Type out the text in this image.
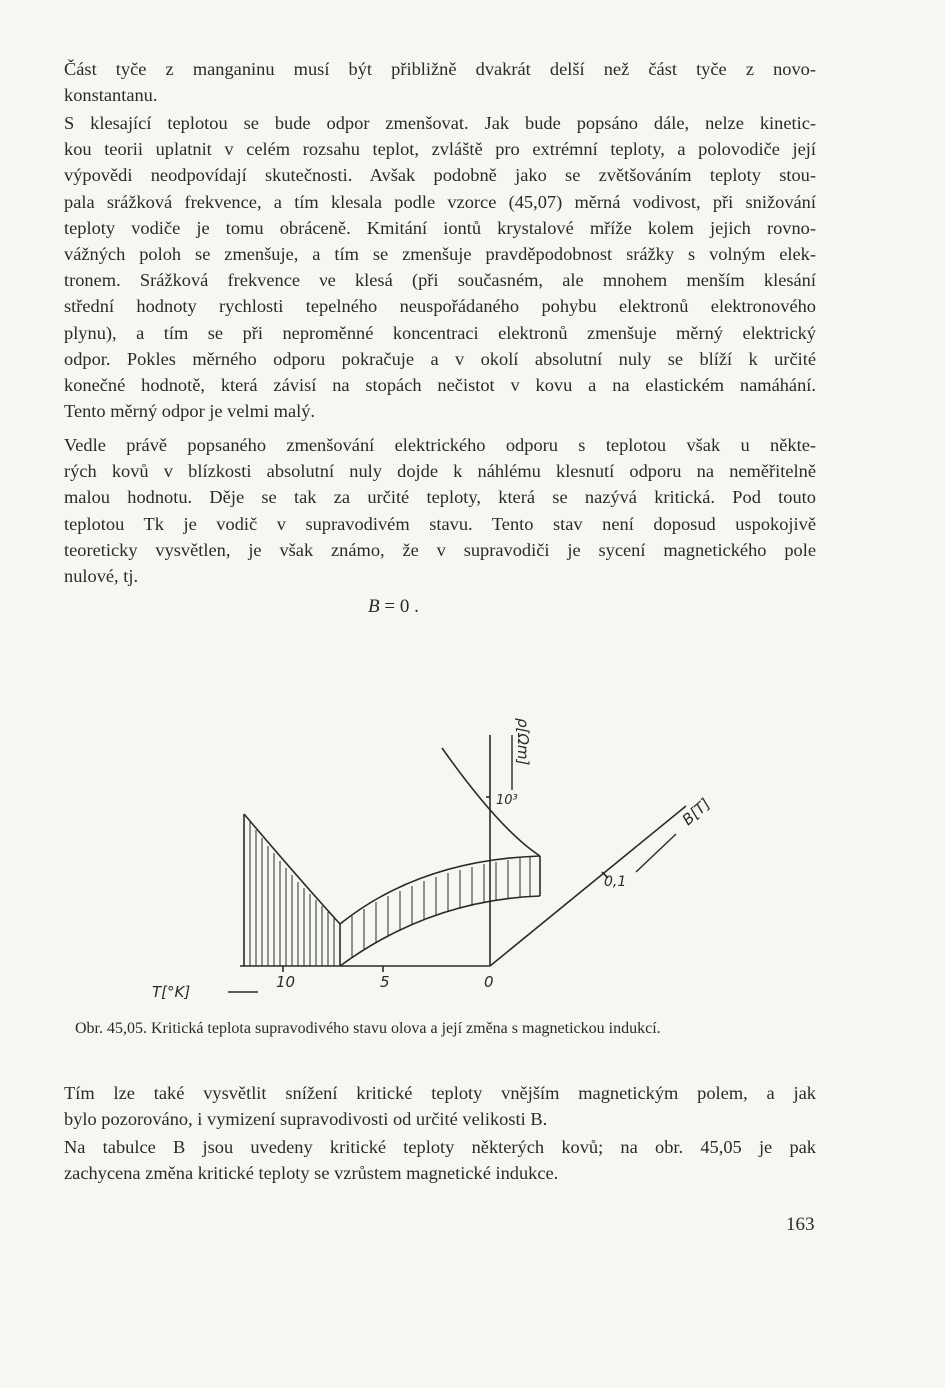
Část tyče z manganinu musí být přibližně dvakrát delší než část tyče z novo-
konstantanu.

S klesající teplotou se bude odpor zmenšovat. Jak bude popsáno dále, nelze kinetic-
kou teorii uplatnit v celém rozsahu teplot, zvláště pro extrémní teploty, a polovodiče její
výpovědi neodpovídají skutečnosti. Avšak podobně jako se zvětšováním teploty stou-
pala srážková frekvence, a tím klesala podle vzorce (45,07) měrná vodivost, při snižování
teploty vodiče je tomu obráceně. Kmitání iontů krystalové mříže kolem jejich rovno-
vážných poloh se zmenšuje, a tím se zmenšuje pravděpodobnost srážky s volným elek-
tronem. Srážková frekvence νe klesá (při současném, ale mnohem menším klesání
střední hodnoty rychlosti tepelného neuspořádaného pohybu elektronů elektronového
plynu), a tím se při neproměnné koncentraci elektronů zmenšuje měrný elektrický
odpor. Pokles měrného odporu pokračuje a v okolí absolutní nuly se blíží k určité
konečné hodnotě, která závisí na stopách nečistot v kovu a na elastickém namáhání.
Tento měrný odpor je velmi malý.

Vedle právě popsaného zmenšování elektrického odporu s teplotou však u někte-
rých kovů v blízkosti absolutní nuly dojde k náhlému klesnutí odporu na neměřitelně
malou hodnotu. Děje se tak za určité teploty, která se nazývá kritická. Pod touto
teplotou Tk je vodič v supravodivém stavu. Tento stav není doposud uspokojivě
teoreticky vysvětlen, je však známo, že v supravodiči je sycení magnetického pole
nulové, tj.

B = 0 .
ρ[Ωm]
10³	B[T]
0,1
T[°K]
10	5	0
Obr. 45,05. Kritická teplota supravodivého stavu olova a její změna s magnetickou indukcí.

Tím lze také vysvětlit snížení kritické teploty vnějším magnetickým polem, a jak
bylo pozorováno, i vymizení supravodivosti od určité velikosti B.

Na tabulce B jsou uvedeny kritické teploty některých kovů; na obr. 45,05 je pak
zachycena změna kritické teploty se vzrůstem magnetické indukce.

163
